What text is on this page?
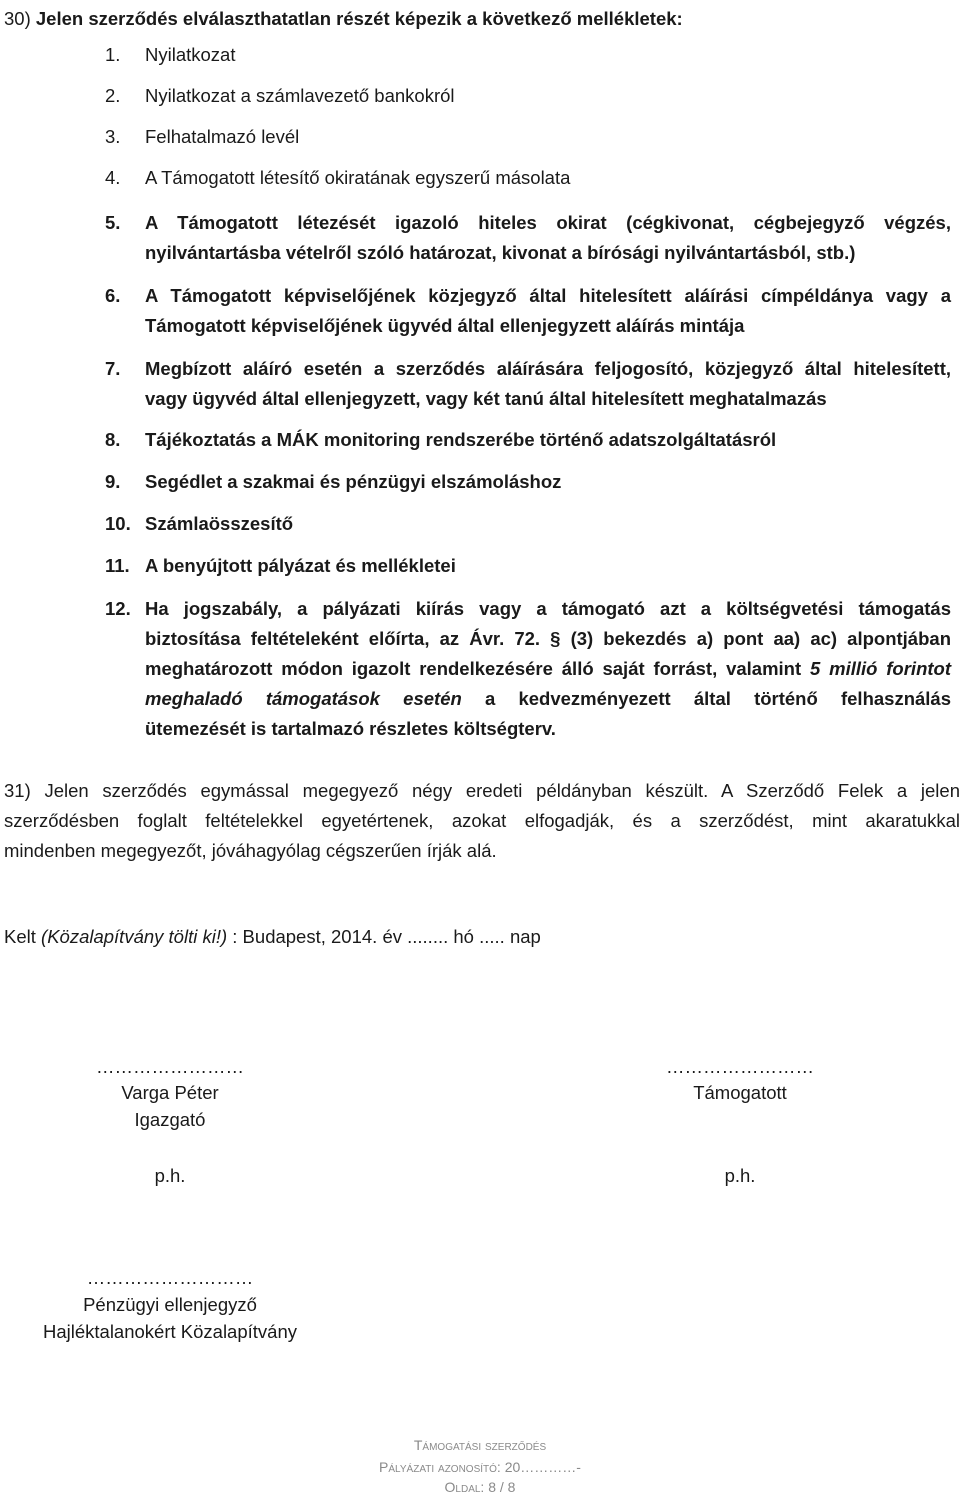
30) Jelen szerződés elválaszthatatlan részét képezik a következő mellékletek:
1. Nyilatkozat
2. Nyilatkozat a számlavezető bankokról
3. Felhatalmazó levél
4. A Támogatott létesítő okiratának egyszerű másolata
5. A Támogatott létezését igazoló hiteles okirat (cégkivonat, cégbejegyző végzés,
nyilvántartásba vételről szóló határozat, kivonat a bírósági nyilvántartásból, stb.)
6. A Támogatott képviselőjének közjegyző által hitelesített aláírási címpéldánya vagy a
Támogatott képviselőjének ügyvéd által ellenjegyzett aláírás mintája
7. Megbízott aláíró esetén a szerződés aláírására feljogosító, közjegyző által hitelesített,
vagy ügyvéd által ellenjegyzett, vagy két tanú által hitelesített meghatalmazás
8. Tájékoztatás a MÁK monitoring rendszerébe történő adatszolgáltatásról
9. Segédlet a szakmai és pénzügyi elszámoláshoz
10. Számlaösszesítő
11. A benyújtott pályázat és mellékletei
12. Ha jogszabály, a pályázati kiírás vagy a támogató azt a költségvetési támogatás
biztosítása feltételeként előírta, az Ávr. 72. § (3) bekezdés a) pont aa) ac) alpontjában
meghatározott módon igazolt rendelkezésére álló saját forrást, valamint 5 millió forintot
meghaladó támogatások esetén a kedvezményezett által történő felhasználás
ütemezését is tartalmazó részletes költségterv.
31) Jelen szerződés egymással megegyező négy eredeti példányban készült. A Szerződő Felek a jelen
szerződésben foglalt feltételekkel egyetértenek, azokat elfogadják, és a szerződést, mint akaratukkal
mindenben megegyezőt, jóváhagyólag cégszerűen írják alá.
Kelt (Közalapítvány tölti ki!) : Budapest, 2014. év ........ hó ..... nap
……………………
Varga Péter
Igazgató
p.h.
……………………
Támogatott
p.h.
………………………
Pénzügyi ellenjegyző
Hajléktalanokért Közalapítvány
Támogatási szerződés
Pályázati azonosító: 20…………-
Oldal: 8 / 8
